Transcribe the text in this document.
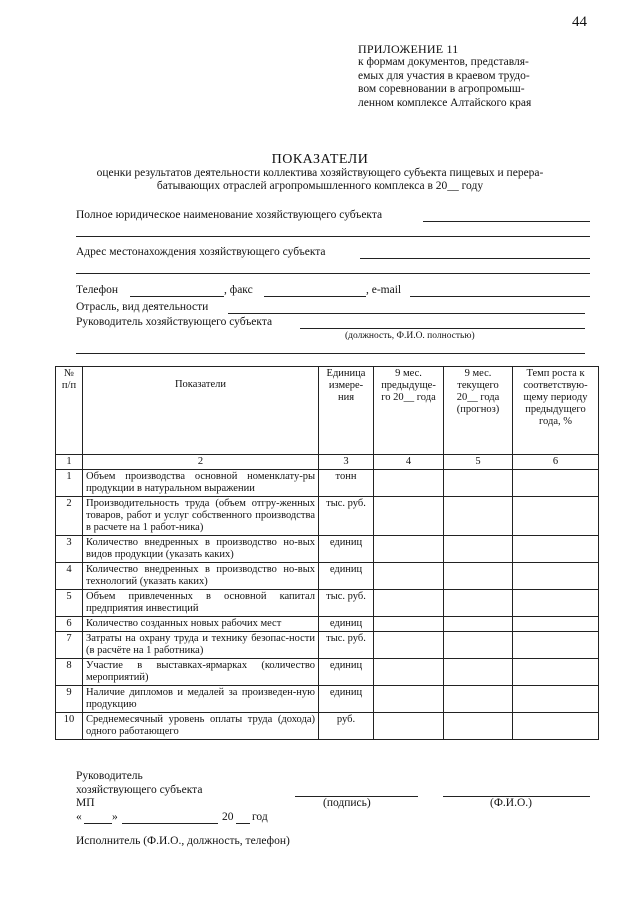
44
ПРИЛОЖЕНИЕ 11
к формам документов, представля-
емых для участия в краевом трудо-
вом соревновании в агропромыш-
ленном комплексе Алтайского края
ПОКАЗАТЕЛИ
оценки результатов деятельности коллектива хозяйствующего субъекта пищевых и перера-
батывающих отраслей агропромышленного комплекса в 20__ году
Полное юридическое наименование хозяйствующего субъекта
Адрес местонахождения хозяйствующего субъекта
Телефон	, факс	, e-mail
Отрасль, вид деятельности
Руководитель хозяйствующего субъекта
(должность, Ф.И.О. полностью)
№ п/п	Показатели	Единица измере-ния	9 мес. предыдуще-го 20__ года	9 мес. текущего 20__ года (прогноз)	Темп роста к соответствую-щему периоду предыдущего года, %
1	2	3	4	5	6
1	Объем производства основной номенклату-ры продукции в натуральном выражении	тонн			
2	Производительность труда (объем отгру-женных товаров, работ и услуг собственного производства в расчете на 1 работ-ника)	тыс. руб.			
3	Количество внедренных в производство но-вых видов продукции (указать каких)	единиц			
4	Количество внедренных в производство но-вых технологий (указать каких)	единиц			
5	Объем привлеченных в основной капитал предприятия инвестиций	тыс. руб.			
6	Количество созданных новых рабочих мест	единиц			
7	Затраты на охрану труда и технику безопас-ности (в расчёте на 1 работника)	тыс. руб.			
8	Участие в выставках-ярмарках (количество мероприятий)	единиц			
9	Наличие дипломов и медалей за произведен-ную продукцию	единиц			
10	Среднемесячный уровень оплаты труда (дохода) одного работающего	руб.			
Руководитель
хозяйствующего субъекта
МП	(подпись)	(Ф.И.О.)
«	»	20 год
Исполнитель (Ф.И.О., должность, телефон)
